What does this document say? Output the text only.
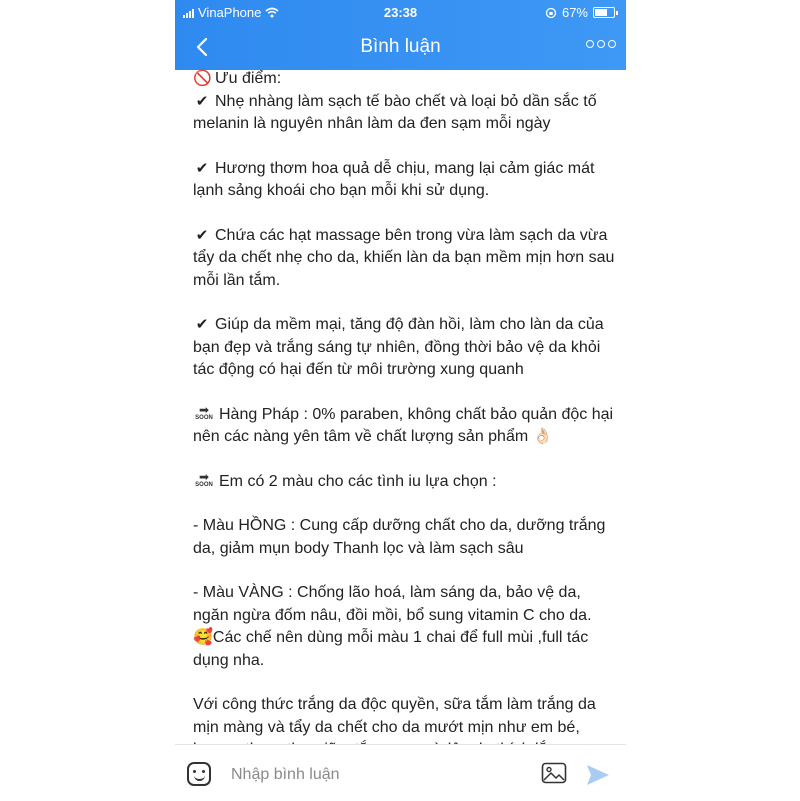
VinaPhone	23:38	67%
Bình luận

🚫 Ưu điểm:

✔ Nhẹ nhàng làm sạch tế bào chết và loại bỏ dần sắc tố melanin là nguyên nhân làm da đen sạm mỗi ngày

✔ Hương thơm hoa quả dễ chịu, mang lại cảm giác mát lạnh sảng khoái cho bạn mỗi khi sử dụng.

✔ Chứa các hạt massage bên trong vừa làm sạch da vừa tẩy da chết nhẹ cho da, khiến làn da bạn mềm mịn hơn sau mỗi lần tắm.

✔ Giúp da mềm mại, tăng độ đàn hồi, làm cho làn da của bạn đẹp và trắng sáng tự nhiên, đồng thời bảo vệ da khỏi tác động có hại đến từ môi trường xung quanh

➡
SOON Hàng Pháp : 0% paraben, không chất bảo quản độc hại nên các nàng yên tâm về chất lượng sản phẩm 👌🏻

➡
SOON Em có 2 màu cho các tình iu lựa chọn :

- Màu HỒNG : Cung cấp dưỡng chất cho da, dưỡng trắng da, giảm mụn body Thanh lọc và làm sạch sâu

- Màu VÀNG : Chống lão hoá, làm sáng da, bảo vệ da, ngăn ngừa đốm nâu, đồi mồi, bổ sung vitamin C cho da.

🥰Các chế nên dùng mỗi màu 1 chai để full mùi ,full tác dụng nha.

Với công thức trắng da độc quyền, sữa tắm làm trắng da mịn màng và tẩy da chết cho da mướt mịn như em bé,

Nhập bình luận
